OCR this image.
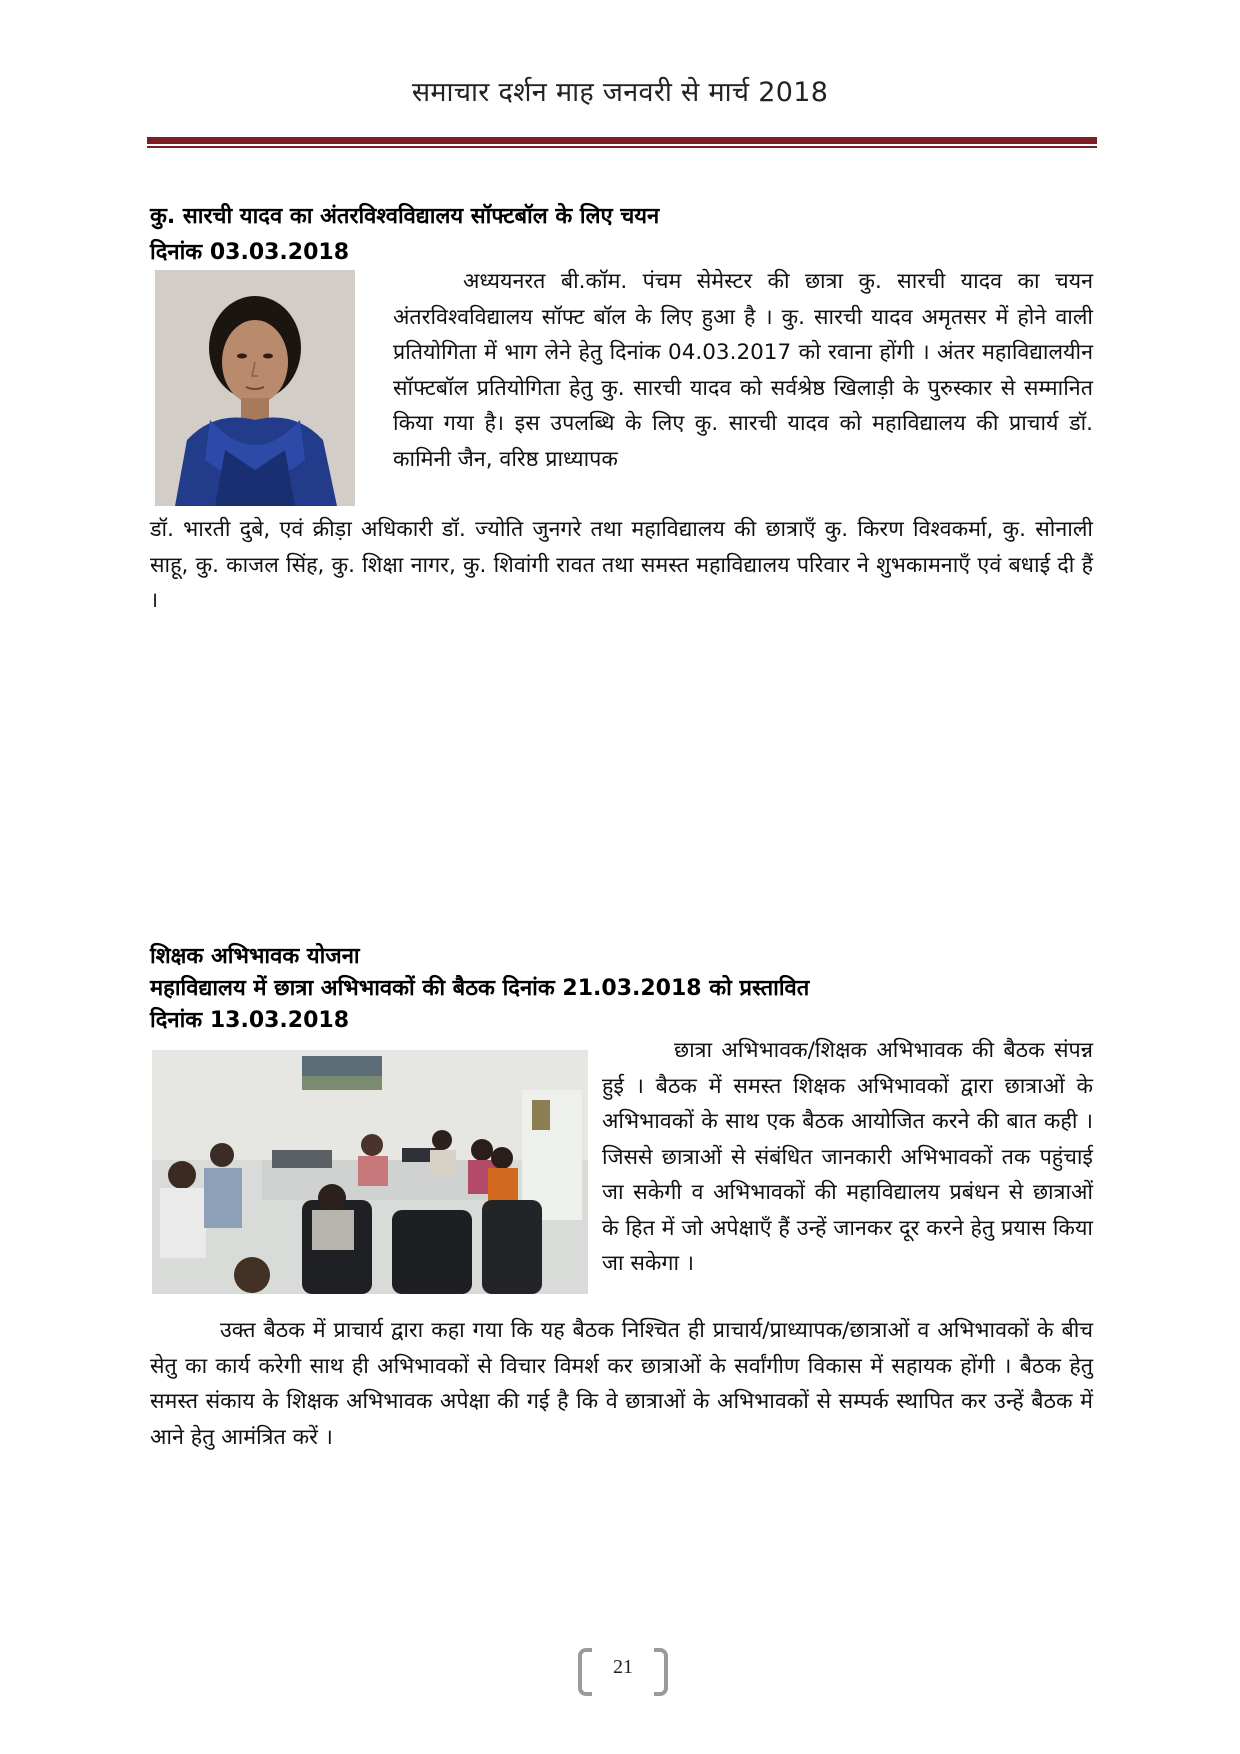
समाचार दर्शन माह जनवरी से मार्च 2018
कु. सारची यादव का अंतरविश्वविद्यालय सॉफ्टबॉल के लिए चयन
दिनांक 03.03.2018
अध्ययनरत बी.कॉम. पंचम सेमेस्टर की छात्रा कु. सारची यादव का चयन अंतरविश्वविद्यालय सॉफ्ट बॉल के लिए हुआ है । कु. सारची यादव अमृतसर में होने वाली प्रतियोगिता में भाग लेने हेतु दिनांक 04.03.2017 को रवाना होंगी । अंतर महाविद्यालयीन सॉफ्टबॉल प्रतियोगिता हेतु कु. सारची यादव को सर्वश्रेष्ठ खिलाड़ी के पुरुस्कार से सम्मानित किया गया है। इस उपलब्धि के लिए कु. सारची यादव को महाविद्यालय की प्राचार्य डॉ. कामिनी जैन, वरिष्ठ प्राध्यापक
डॉ. भारती दुबे, एवं क्रीड़ा अधिकारी डॉ. ज्योति जुनगरे तथा महाविद्यालय की छात्राएँ कु. किरण विश्वकर्मा, कु. सोनाली साहू, कु. काजल सिंह, कु. शिक्षा नागर, कु. शिवांगी रावत तथा समस्त महाविद्यालय परिवार ने शुभकामनाएँ एवं बधाई दी हैं ।
शिक्षक अभिभावक योजना
महाविद्यालय में छात्रा अभिभावकों की बैठक दिनांक 21.03.2018 को प्रस्तावित
दिनांक 13.03.2018
छात्रा अभिभावक/शिक्षक अभिभावक की बैठक संपन्न हुई । बैठक में समस्त शिक्षक अभिभावकों द्वारा छात्राओं के अभिभावकों के साथ एक बैठक आयोजित करने की बात कही । जिससे छात्राओं से संबंधित जानकारी अभिभावकों तक पहुंचाई जा सकेगी व अभिभावकों की महाविद्यालय प्रबंधन से छात्राओं के हित में जो अपेक्षाएँ हैं उन्हें जानकर दूर करने हेतु प्रयास किया जा सकेगा ।
उक्त बैठक में प्राचार्य द्वारा कहा गया कि यह बैठक निश्चित ही प्राचार्य/प्राध्यापक/छात्राओं व अभिभावकों के बीच सेतु का कार्य करेगी साथ ही अभिभावकों से विचार विमर्श कर छात्राओं के सर्वांगीण विकास में सहायक होंगी । बैठक हेतु समस्त संकाय के शिक्षक अभिभावक अपेक्षा की गई है कि वे छात्राओं के अभिभावकों से सम्पर्क स्थापित कर उन्हें बैठक में आने हेतु आमंत्रित करें ।
21
